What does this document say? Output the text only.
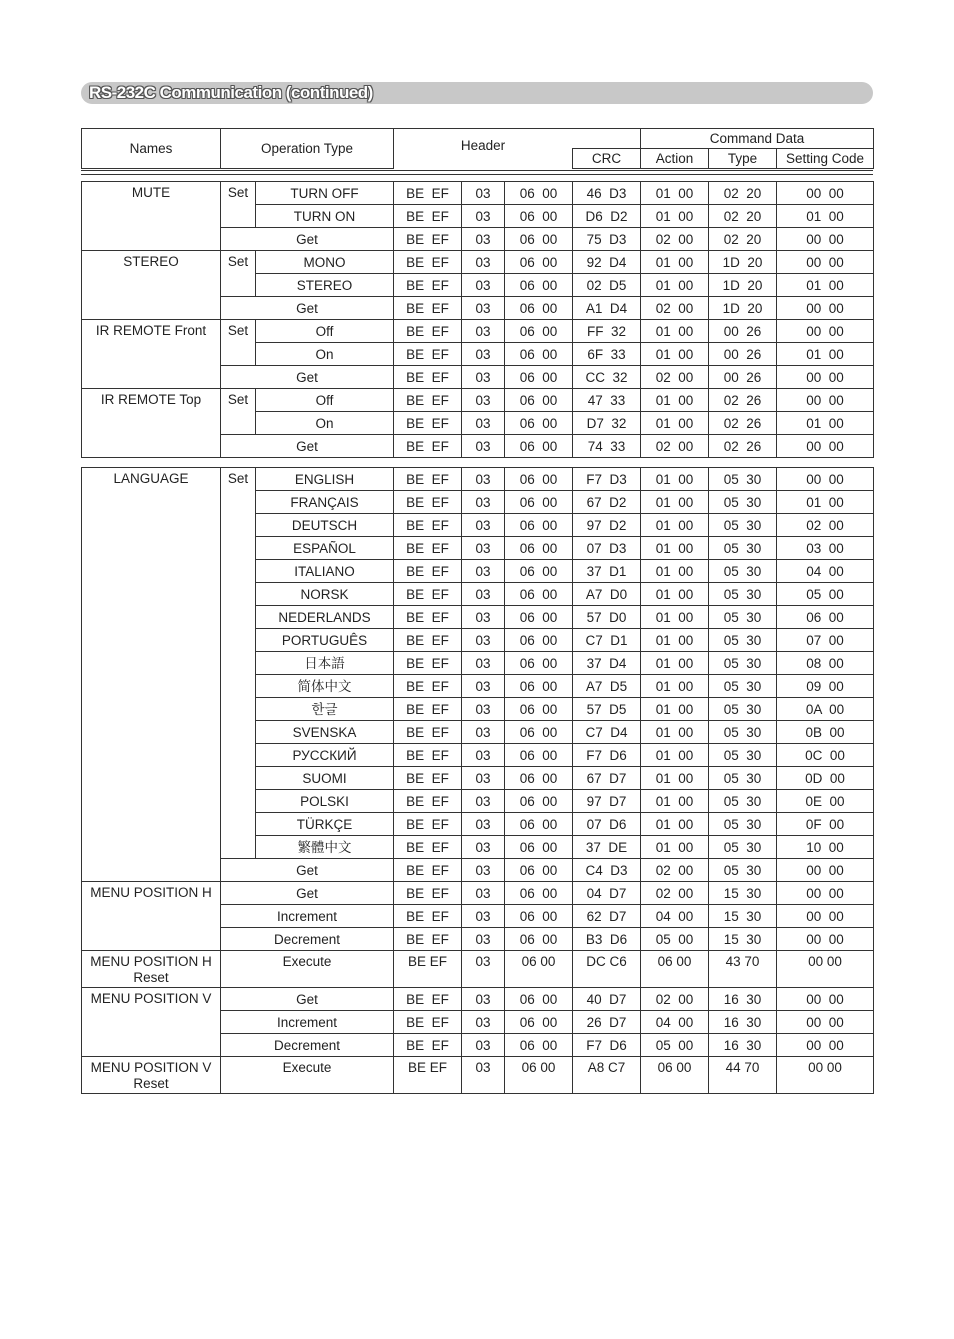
RS-232C Communication (continued)
Names	Operation Type			Command Data		

		Header	CRC	Action	Type	Setting Code
MUTE	Set	TURN OFF	BE  EF	03	06  00	46  D3	01  00	02  20	00  00
		TURN ON	BE  EF	03	06  00	D6  D2	01  00	02  20	01  00
	Get		BE  EF	03	06  00	75  D3	02  00	02  20	00  00
STEREO	Set	MONO	BE  EF	03	06  00	92  D4	01  00	1D  20	00  00
		STEREO	BE  EF	03	06  00	02  D5	01  00	1D  20	01  00
	Get		BE  EF	03	06  00	A1  D4	02  00	1D  20	00  00
IR REMOTE Front	Set	Off	BE  EF	03	06  00	FF  32	01  00	00  26	00  00
		On	BE  EF	03	06  00	6F  33	01  00	00  26	01  00
	Get		BE  EF	03	06  00	CC  32	02  00	00  26	00  00
IR REMOTE Top	Set	Off	BE  EF	03	06  00	47  33	01  00	02  26	00  00
		On	BE  EF	03	06  00	D7  32	01  00	02  26	01  00
	Get		BE  EF	03	06  00	74  33	02  00	02  26	00  00
LANGUAGE	Set	ENGLISH	BE  EF	03	06  00	F7  D3	01  00	05  30	00  00
		FRANÇAIS	BE  EF	03	06  00	67  D2	01  00	05  30	01  00
		DEUTSCH	BE  EF	03	06  00	97  D2	01  00	05  30	02  00
		ESPAÑOL	BE  EF	03	06  00	07  D3	01  00	05  30	03  00
		ITALIANO	BE  EF	03	06  00	37  D1	01  00	05  30	04  00
		NORSK	BE  EF	03	06  00	A7  D0	01  00	05  30	05  00
		NEDERLANDS	BE  EF	03	06  00	57  D0	01  00	05  30	06  00
		PORTUGUÊS	BE  EF	03	06  00	C7  D1	01  00	05  30	07  00
		日本語	BE  EF	03	06  00	37  D4	01  00	05  30	08  00
		简体中文	BE  EF	03	06  00	A7  D5	01  00	05  30	09  00
		한글	BE  EF	03	06  00	57  D5	01  00	05  30	0A  00
		SVENSKA	BE  EF	03	06  00	C7  D4	01  00	05  30	0B  00
		РУССКИЙ	BE  EF	03	06  00	F7  D6	01  00	05  30	0C  00
		SUOMI	BE  EF	03	06  00	67  D7	01  00	05  30	0D  00
		POLSKI	BE  EF	03	06  00	97  D7	01  00	05  30	0E  00
		TÜRKÇE	BE  EF	03	06  00	07  D6	01  00	05  30	0F  00
		繁體中文	BE  EF	03	06  00	37  DE	01  00	05  30	10  00
	Get		BE  EF	03	06  00	C4  D3	02  00	05  30	00  00
MENU POSITION H	Get		BE  EF	03	06  00	04  D7	02  00	15  30	00  00
	Increment		BE  EF	03	06  00	62  D7	04  00	15  30	00  00
	Decrement		BE  EF	03	06  00	B3  D6	05  00	15  30	00  00
MENU POSITION H Reset	Execute		BE EF	03	06 00	DC C6	06 00	43 70	00 00
MENU POSITION V	Get		BE  EF	03	06  00	40  D7	02  00	16  30	00  00
	Increment		BE  EF	03	06  00	26  D7	04  00	16  30	00  00
	Decrement		BE  EF	03	06  00	F7  D6	05  00	16  30	00  00
MENU POSITION V Reset	Execute		BE EF	03	06 00	A8 C7	06 00	44 70	00 00
